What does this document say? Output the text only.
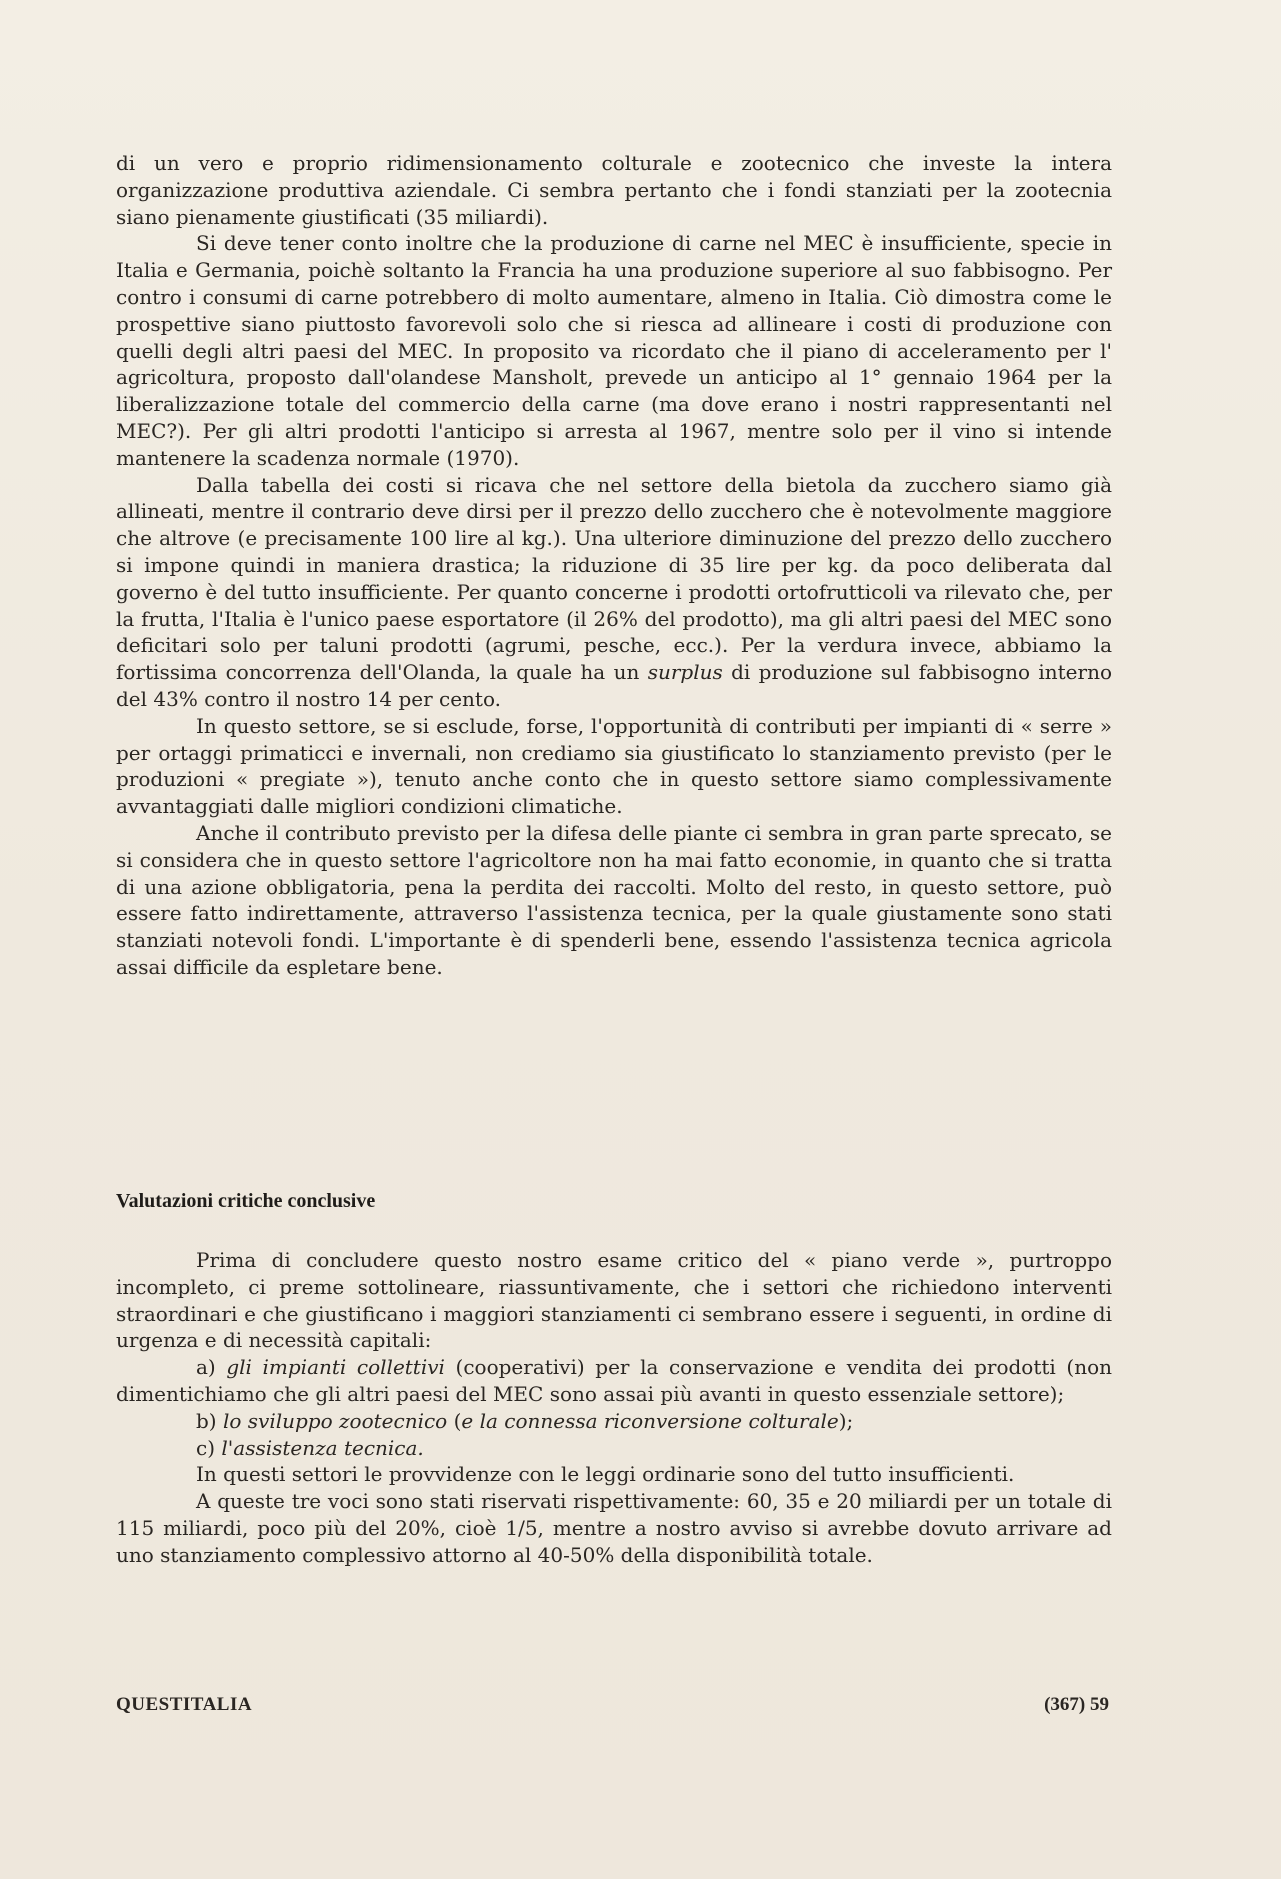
di un vero e proprio ridimensionamento colturale e zootecnico che investe la intera organizzazione produttiva aziendale. Ci sembra pertanto che i fondi stanziati per la zootecnia siano pienamente giustificati (35 miliardi).

Si deve tener conto inoltre che la produzione di carne nel MEC è insufficiente, specie in Italia e Germania, poichè soltanto la Francia ha una produzione superiore al suo fabbisogno. Per contro i consumi di carne potrebbero di molto aumentare, almeno in Italia. Ciò dimostra come le prospettive siano piuttosto favorevoli solo che si riesca ad allineare i costi di produzione con quelli degli altri paesi del MEC. In proposito va ricordato che il piano di acceleramento per l' agricoltura, proposto dall'olandese Mansholt, prevede un anticipo al 1° gennaio 1964 per la liberalizzazione totale del commercio della carne (ma dove erano i nostri rappresentanti nel MEC?). Per gli altri prodotti l'anticipo si arresta al 1967, mentre solo per il vino si intende mantenere la scadenza normale (1970).

Dalla tabella dei costi si ricava che nel settore della bietola da zucchero siamo già allineati, mentre il contrario deve dirsi per il prezzo dello zucchero che è notevolmente maggiore che altrove (e precisamente 100 lire al kg.). Una ulteriore diminuzione del prezzo dello zucchero si impone quindi in maniera drastica; la riduzione di 35 lire per kg. da poco deliberata dal governo è del tutto insufficiente. Per quanto concerne i prodotti ortofrutticoli va rilevato che, per la frutta, l'Italia è l'unico paese esportatore (il 26% del prodotto), ma gli altri paesi del MEC sono deficitari solo per taluni prodotti (agrumi, pesche, ecc.). Per la verdura invece, abbiamo la fortissima concorrenza dell'Olanda, la quale ha un surplus di produzione sul fabbisogno interno del 43% contro il nostro 14 per cento.

In questo settore, se si esclude, forse, l'opportunità di contributi per impianti di « serre » per ortaggi primaticci e invernali, non crediamo sia giustificato lo stanziamento previsto (per le produzioni « pregiate »), tenuto anche conto che in questo settore siamo complessivamente avvantaggiati dalle migliori condizioni climatiche.

Anche il contributo previsto per la difesa delle piante ci sembra in gran parte sprecato, se si considera che in questo settore l'agricoltore non ha mai fatto economie, in quanto che si tratta di una azione obbligatoria, pena la perdita dei raccolti. Molto del resto, in questo settore, può essere fatto indirettamente, attraverso l'assistenza tecnica, per la quale giustamente sono stati stanziati notevoli fondi. L'importante è di spenderli bene, essendo l'assistenza tecnica agricola assai difficile da espletare bene.

Valutazioni critiche conclusive

Prima di concludere questo nostro esame critico del « piano verde », purtroppo incompleto, ci preme sottolineare, riassuntivamente, che i settori che richiedono interventi straordinari e che giustificano i maggiori stanziamenti ci sembrano essere i seguenti, in ordine di urgenza e di necessità capitali:

a) gli impianti collettivi (cooperativi) per la conservazione e vendita dei prodotti (non dimentichiamo che gli altri paesi del MEC sono assai più avanti in questo essenziale settore);

b) lo sviluppo zootecnico (e la connessa riconversione colturale);

c) l'assistenza tecnica.

In questi settori le provvidenze con le leggi ordinarie sono del tutto insufficienti.

A queste tre voci sono stati riservati rispettivamente: 60, 35 e 20 miliardi per un totale di 115 miliardi, poco più del 20%, cioè 1/5, mentre a nostro avviso si avrebbe dovuto arrivare ad uno stanziamento complessivo attorno al 40-50% della disponibilità totale.

QUESTITALIA	(367) 59
